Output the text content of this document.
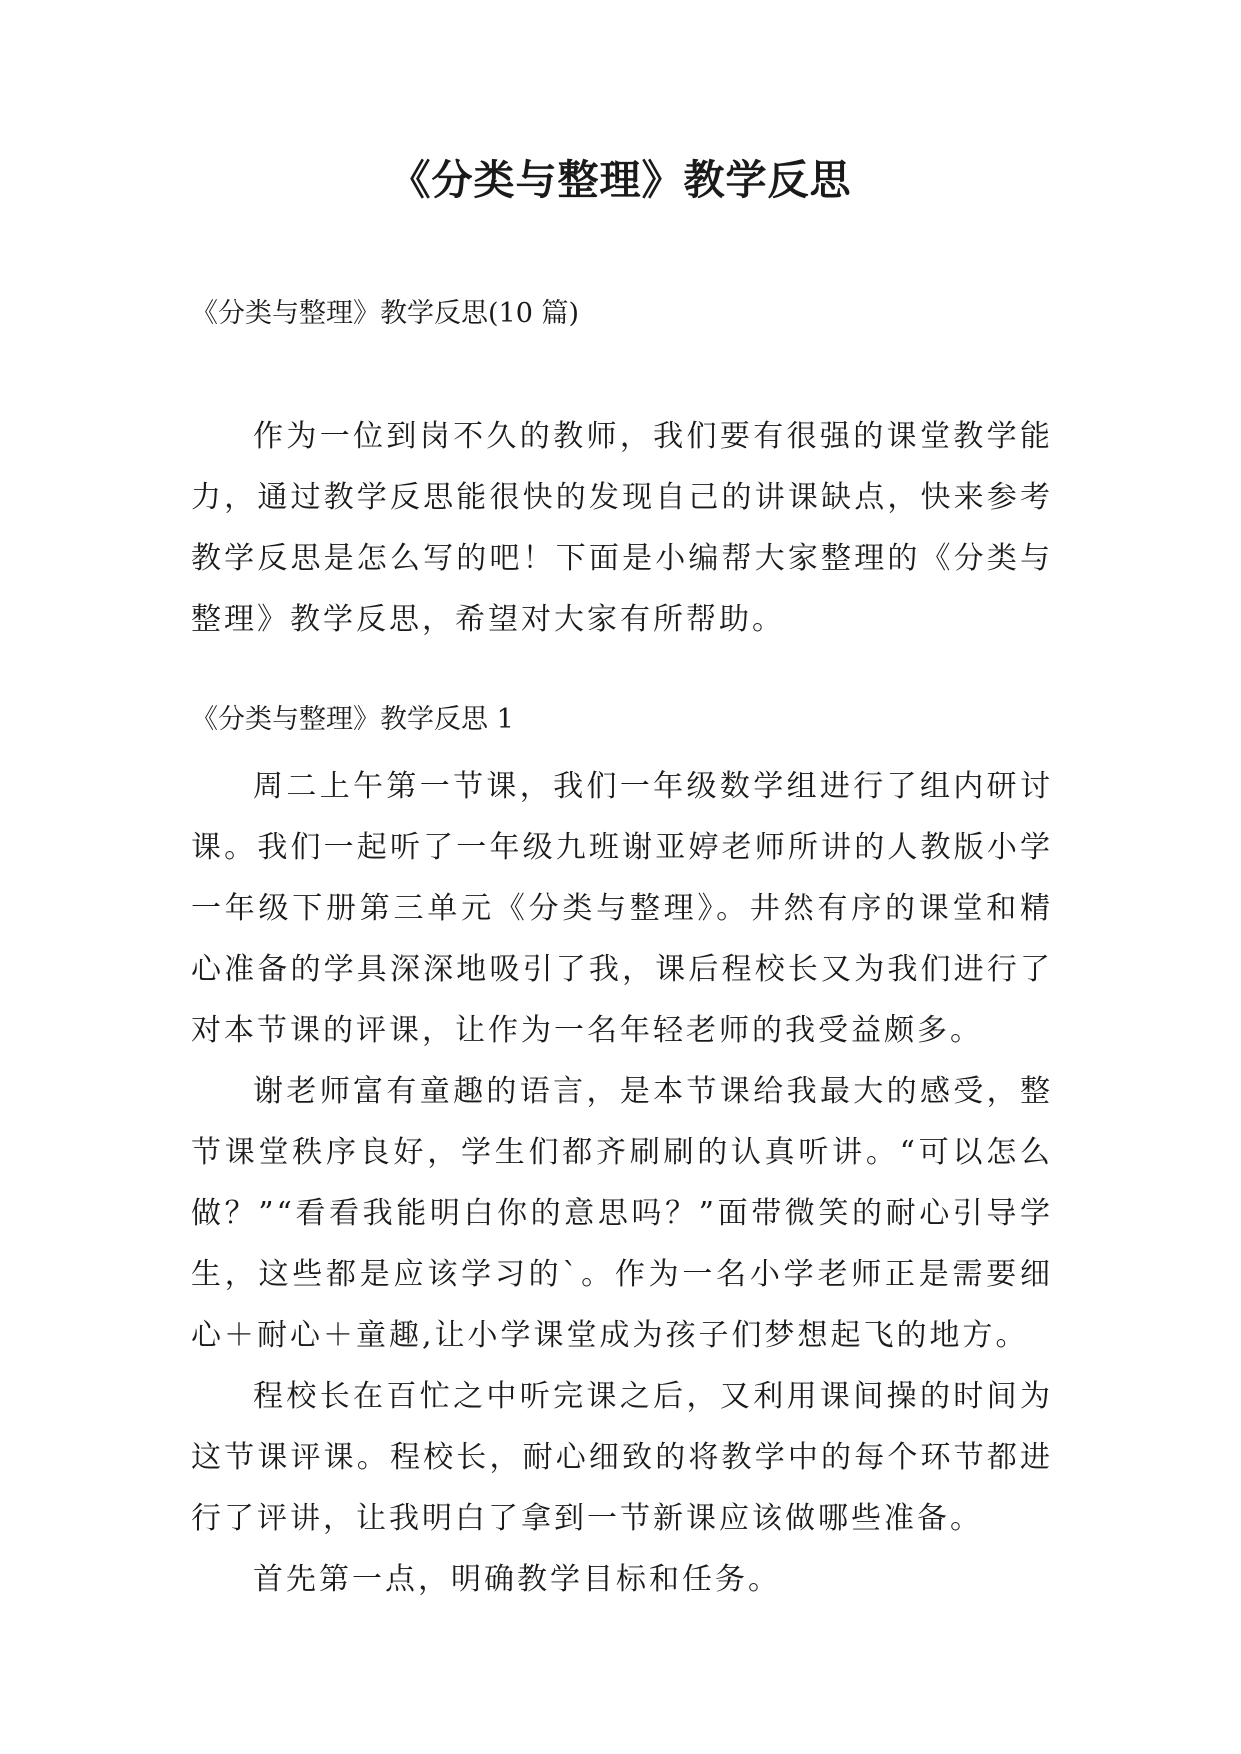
《分类与整理》教学反思
《分类与整理》教学反思(10 篇)

作为一位到岗不久的教师，我们要有很强的课堂教学能力，通过教学反思能很快的发现自己的讲课缺点，快来参考教学反思是怎么写的吧！下面是小编帮大家整理的《分类与整理》教学反思，希望对大家有所帮助。

《分类与整理》教学反思 1

周二上午第一节课，我们一年级数学组进行了组内研讨课。我们一起听了一年级九班谢亚婷老师所讲的人教版小学一年级下册第三单元《分类与整理》。井然有序的课堂和精心准备的学具深深地吸引了我，课后程校长又为我们进行了对本节课的评课，让作为一名年轻老师的我受益颇多。

谢老师富有童趣的语言，是本节课给我最大的感受，整节课堂秩序良好，学生们都齐刷刷的认真听讲。“可以怎么做？”“看看我能明白你的意思吗？”面带微笑的耐心引导学生，这些都是应该学习的`。作为一名小学老师正是需要细心＋耐心＋童趣,让小学课堂成为孩子们梦想起飞的地方。

程校长在百忙之中听完课之后，又利用课间操的时间为这节课评课。程校长，耐心细致的将教学中的每个环节都进行了评讲，让我明白了拿到一节新课应该做哪些准备。

首先第一点，明确教学目标和任务。
